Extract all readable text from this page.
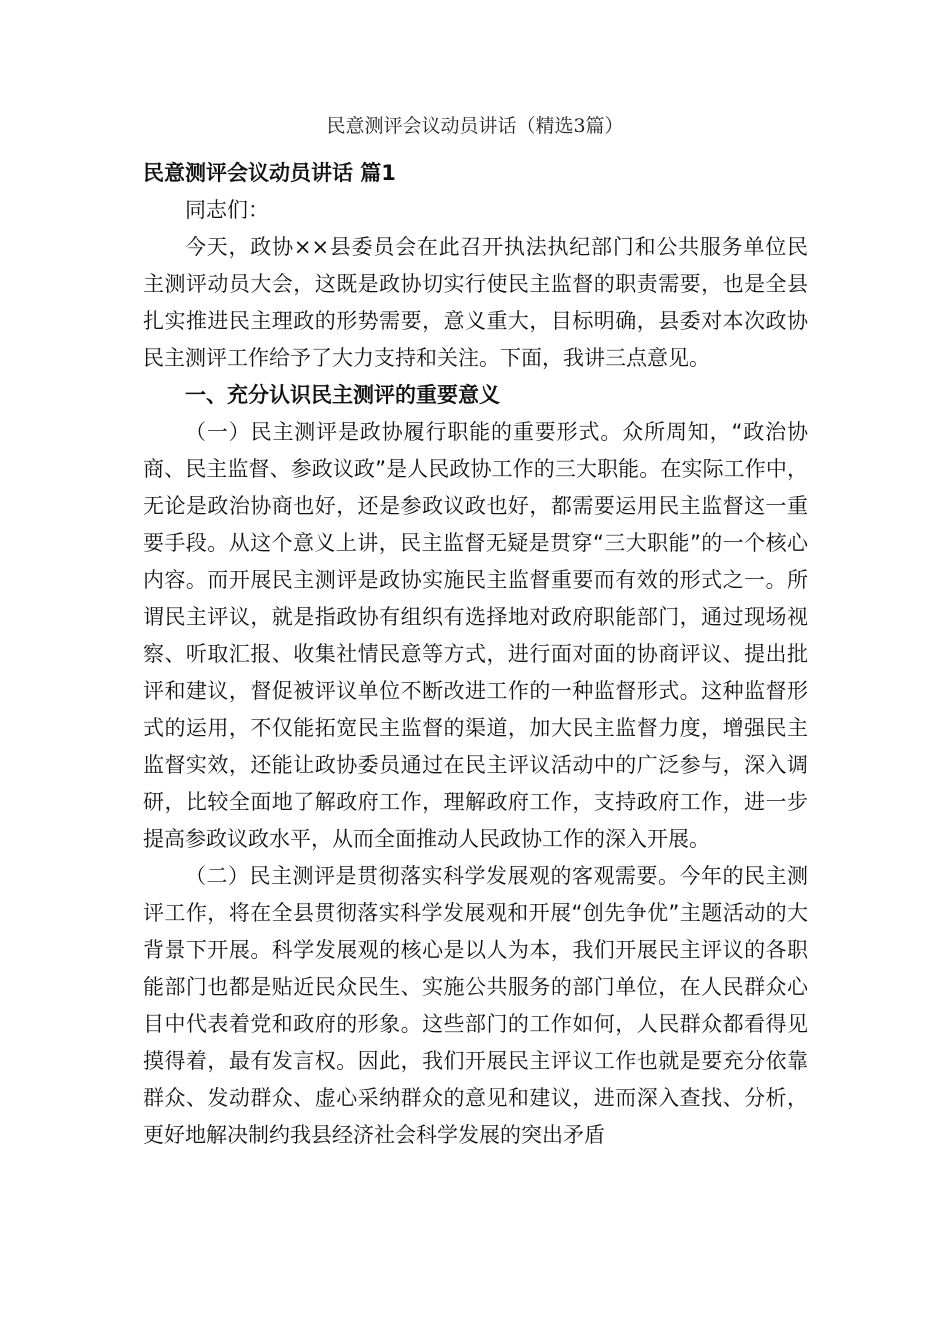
民意测评会议动员讲话（精选3篇）

民意测评会议动员讲话 篇1

同志们：

今天，政协××县委员会在此召开执法执纪部门和公共服务单位民主测评动员大会，这既是政协切实行使民主监督的职责需要，也是全县扎实推进民主理政的形势需要，意义重大，目标明确，县委对本次政协民主测评工作给予了大力支持和关注。下面，我讲三点意见。

一、充分认识民主测评的重要意义

（一）民主测评是政协履行职能的重要形式。众所周知，“政治协商、民主监督、参政议政”是人民政协工作的三大职能。在实际工作中，无论是政治协商也好，还是参政议政也好，都需要运用民主监督这一重要手段。从这个意义上讲，民主监督无疑是贯穿“三大职能”的一个核心内容。而开展民主测评是政协实施民主监督重要而有效的形式之一。所谓民主评议，就是指政协有组织有选择地对政府职能部门，通过现场视察、听取汇报、收集社情民意等方式，进行面对面的协商评议、提出批评和建议，督促被评议单位不断改进工作的一种监督形式。这种监督形式的运用，不仅能拓宽民主监督的渠道，加大民主监督力度，增强民主监督实效，还能让政协委员通过在民主评议活动中的广泛参与，深入调研，比较全面地了解政府工作，理解政府工作，支持政府工作，进一步提高参政议政水平，从而全面推动人民政协工作的深入开展。

（二）民主测评是贯彻落实科学发展观的客观需要。今年的民主测评工作，将在全县贯彻落实科学发展观和开展“创先争优”主题活动的大背景下开展。科学发展观的核心是以人为本，我们开展民主评议的各职能部门也都是贴近民众民生、实施公共服务的部门单位，在人民群众心目中代表着党和政府的形象。这些部门的工作如何，人民群众都看得见摸得着，最有发言权。因此，我们开展民主评议工作也就是要充分依靠群众、发动群众、虚心采纳群众的意见和建议，进而深入查找、分析，更好地解决制约我县经济社会科学发展的突出矛盾
